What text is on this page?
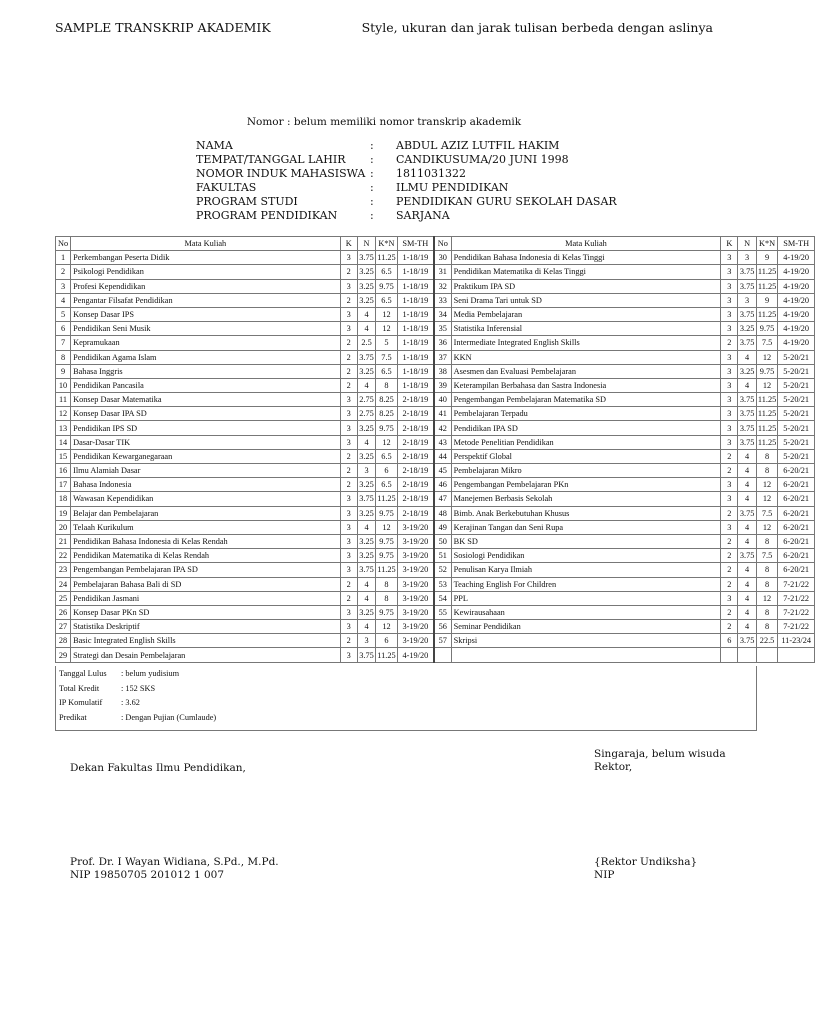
SAMPLE TRANSKRIP AKADEMIK	Style, ukuran dan jarak tulisan berbeda dengan aslinya
Nomor : belum memiliki nomor transkrip akademik
NAMA	:	ABDUL AZIZ LUTFIL HAKIM
TEMPAT/TANGGAL LAHIR	:	CANDIKUSUMA/20 JUNI 1998
NOMOR INDUK MAHASISWA	:	1811031322
FAKULTAS	:	ILMU PENDIDIKAN
PROGRAM STUDI	:	PENDIDIKAN GURU SEKOLAH DASAR
PROGRAM PENDIDIKAN	:	SARJANA
No	Mata Kuliah	K	N	K*N	SM-TH	No	Mata Kuliah	K	N	K*N	SM-TH
1	Perkembangan Peserta Didik	3	3.75	11.25	1-18/19	30	Pendidikan Bahasa Indonesia di Kelas Tinggi	3	3	9	4-19/20
2	Psikologi Pendidikan	2	3.25	6.5	1-18/19	31	Pendidikan Matematika di Kelas Tinggi	3	3.75	11.25	4-19/20
3	Profesi Kependidikan	3	3.25	9.75	1-18/19	32	Praktikum IPA SD	3	3.75	11.25	4-19/20
4	Pengantar Filsafat Pendidikan	2	3.25	6.5	1-18/19	33	Seni Drama Tari untuk SD	3	3	9	4-19/20
5	Konsep Dasar IPS	3	4	12	1-18/19	34	Media Pembelajaran	3	3.75	11.25	4-19/20
6	Pendidikan Seni Musik	3	4	12	1-18/19	35	Statistika Inferensial	3	3.25	9.75	4-19/20
7	Kepramukaan	2	2.5	5	1-18/19	36	Intermediate Integrated English Skills	2	3.75	7.5	4-19/20
8	Pendidikan Agama Islam	2	3.75	7.5	1-18/19	37	KKN	3	4	12	5-20/21
9	Bahasa Inggris	2	3.25	6.5	1-18/19	38	Asesmen dan Evaluasi Pembelajaran	3	3.25	9.75	5-20/21
10	Pendidikan Pancasila	2	4	8	1-18/19	39	Keterampilan Berbahasa dan Sastra Indonesia	3	4	12	5-20/21
11	Konsep Dasar Matematika	3	2.75	8.25	2-18/19	40	Pengembangan Pembelajaran Matematika SD	3	3.75	11.25	5-20/21
12	Konsep Dasar IPA SD	3	2.75	8.25	2-18/19	41	Pembelajaran Terpadu	3	3.75	11.25	5-20/21
13	Pendidikan IPS SD	3	3.25	9.75	2-18/19	42	Pendidikan IPA SD	3	3.75	11.25	5-20/21
14	Dasar-Dasar TIK	3	4	12	2-18/19	43	Metode Penelitian Pendidikan	3	3.75	11.25	5-20/21
15	Pendidikan Kewarganegaraan	2	3.25	6.5	2-18/19	44	Perspektif Global	2	4	8	5-20/21
16	Ilmu Alamiah Dasar	2	3	6	2-18/19	45	Pembelajaran Mikro	2	4	8	6-20/21
17	Bahasa Indonesia	2	3.25	6.5	2-18/19	46	Pengembangan Pembelajaran PKn	3	4	12	6-20/21
18	Wawasan Kependidikan	3	3.75	11.25	2-18/19	47	Manejemen Berbasis Sekolah	3	4	12	6-20/21
19	Belajar dan Pembelajaran	3	3.25	9.75	2-18/19	48	Bimb. Anak Berkebutuhan Khusus	2	3.75	7.5	6-20/21
20	Telaah Kurikulum	3	4	12	3-19/20	49	Kerajinan Tangan dan Seni Rupa	3	4	12	6-20/21
21	Pendidikan Bahasa Indonesia di Kelas Rendah	3	3.25	9.75	3-19/20	50	BK SD	2	4	8	6-20/21
22	Pendidikan Matematika di Kelas Rendah	3	3.25	9.75	3-19/20	51	Sosiologi Pendidikan	2	3.75	7.5	6-20/21
23	Pengembangan Pembelajaran IPA SD	3	3.75	11.25	3-19/20	52	Penulisan Karya Ilmiah	2	4	8	6-20/21
24	Pembelajaran Bahasa Bali di SD	2	4	8	3-19/20	53	Teaching English For Children	2	4	8	7-21/22
25	Pendidikan Jasmani	2	4	8	3-19/20	54	PPL	3	4	12	7-21/22
26	Konsep Dasar PKn SD	3	3.25	9.75	3-19/20	55	Kewirausahaan	2	4	8	7-21/22
27	Statistika Deskriptif	3	4	12	3-19/20	56	Seminar Pendidikan	2	4	8	7-21/22
28	Basic Integrated English Skills	2	3	6	3-19/20	57	Skripsi	6	3.75	22.5	11-23/24
29	Strategi dan Desain Pembelajaran	3	3.75	11.25	4-19/20						
Tanggal Lulus : belum yudisium
Total Kredit	: 152 SKS
IP Komulatif : 3.62
Predikat	: Dengan Pujian (Cumlaude)
Dekan Fakultas Ilmu Pendidikan,
Singaraja, belum wisuda
Rektor,
Prof. Dr. I Wayan Widiana, S.Pd., M.Pd.
NIP 19850705 201012 1 007
{Rektor Undiksha}
NIP
